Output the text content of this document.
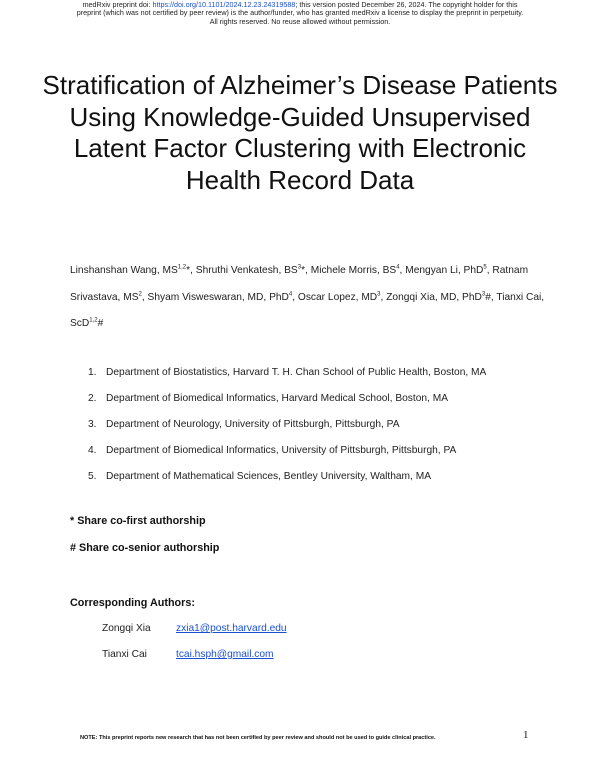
medRxiv preprint doi: https://doi.org/10.1101/2024.12.23.24319588; this version posted December 26, 2024. The copyright holder for this
preprint (which was not certified by peer review) is the author/funder, who has granted medRxiv a license to display the preprint in perpetuity.
All rights reserved. No reuse allowed without permission.
Stratification of Alzheimer’s Disease Patients Using Knowledge-Guided Unsupervised Latent Factor Clustering with Electronic Health Record Data
Linshanshan Wang, MS$^{1,2}$*, Shruthi Venkatesh, $BS^3*$, Michele Morris, $BS^4$, Mengyan Li, PhD$^5$, Ratnam Srivastava, $MS^2$, Shyam Visweswaran, MD, PhD$^4$, Oscar Lopez, $MD^3$, Zongqi Xia, MD, PhD$^3$#, Tianxi Cai, ScD$^{1,2}$#
1. Department of Biostatistics, Harvard T. H. Chan School of Public Health, Boston, MA
2. Department of Biomedical Informatics, Harvard Medical School, Boston, MA
3. Department of Neurology, University of Pittsburgh, Pittsburgh, PA
4. Department of Biomedical Informatics, University of Pittsburgh, Pittsburgh, PA
5. Department of Mathematical Sciences, Bentley University, Waltham, MA
* Share co-first authorship
# Share co-senior authorship
Corresponding Authors:
Zongqi Xia zxia1@post.harvard.edu
Tianxi Cai	tcai.hsph@gmail.com
NOTE: This preprint reports new research that has not been certified by peer review and should not be used to guide clinical practice.	1
